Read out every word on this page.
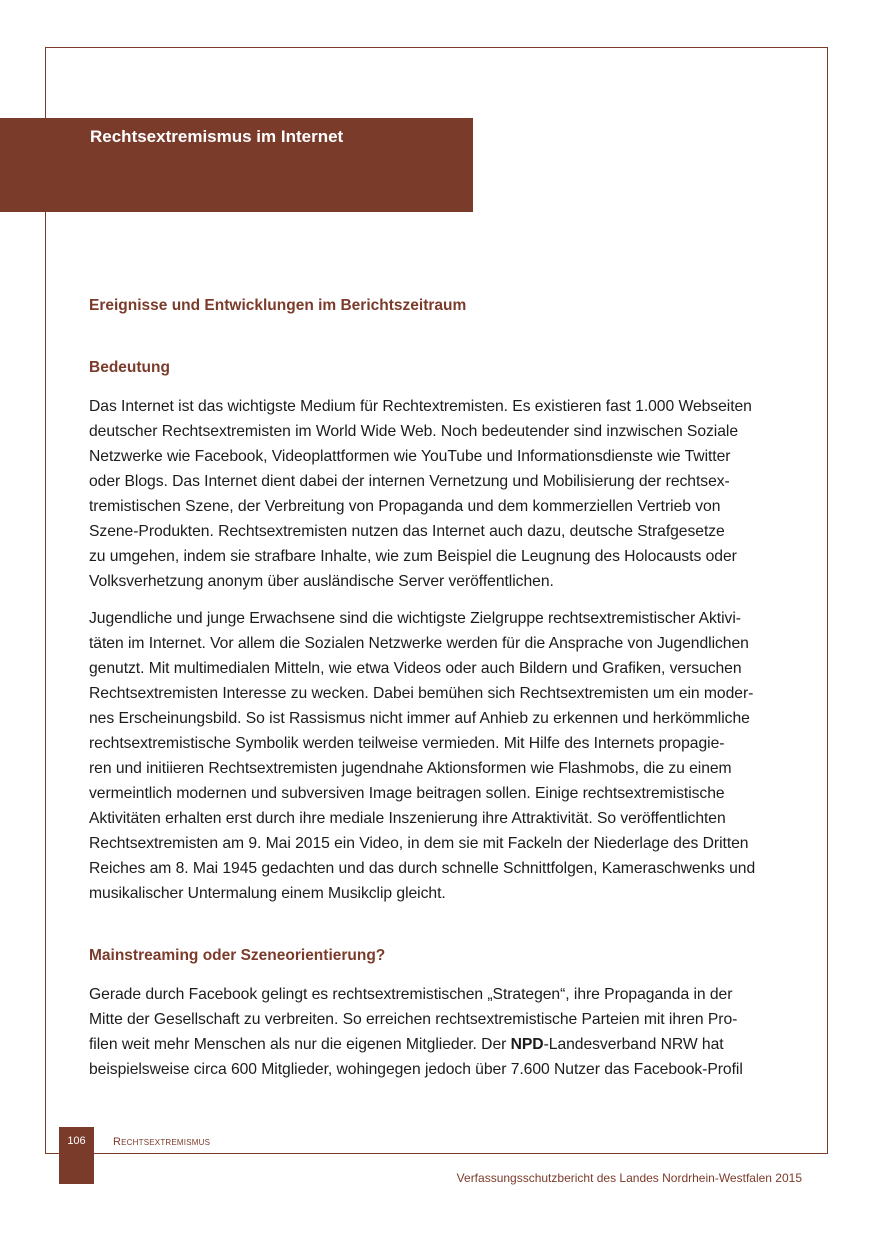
Rechtsextremismus im Internet
Ereignisse und Entwicklungen im Berichtszeitraum
Bedeutung

Das Internet ist das wichtigste Medium für Rechtextremisten. Es existieren fast 1.000 Webseiten
deutscher Rechtsextremisten im World Wide Web. Noch bedeutender sind inzwischen Soziale
Netzwerke wie Facebook, Videoplattformen wie YouTube und Informationsdienste wie Twitter
oder Blogs. Das Internet dient dabei der internen Vernetzung und Mobilisierung der rechtsex-
tremistischen Szene, der Verbreitung von Propaganda und dem kommerziellen Vertrieb von
Szene-Produkten. Rechtsextremisten nutzen das Internet auch dazu, deutsche Strafgesetze
zu umgehen, indem sie strafbare Inhalte, wie zum Beispiel die Leugnung des Holocausts oder
Volksverhetzung anonym über ausländische Server veröffentlichen.

Jugendliche und junge Erwachsene sind die wichtigste Zielgruppe rechtsextremistischer Aktivi-
täten im Internet. Vor allem die Sozialen Netzwerke werden für die Ansprache von Jugendlichen
genutzt. Mit multimedialen Mitteln, wie etwa Videos oder auch Bildern und Grafiken, versuchen
Rechtsextremisten Interesse zu wecken. Dabei bemühen sich Rechtsextremisten um ein moder-
nes Erscheinungsbild. So ist Rassismus nicht immer auf Anhieb zu erkennen und herkömmliche
rechtsextremistische Symbolik werden teilweise vermieden. Mit Hilfe des Internets propagie-
ren und initiieren Rechtsextremisten jugendnahe Aktionsformen wie Flashmobs, die zu einem
vermeintlich modernen und subversiven Image beitragen sollen. Einige rechtsextremistische
Aktivitäten erhalten erst durch ihre mediale Inszenierung ihre Attraktivität. So veröffentlichten
Rechtsextremisten am 9. Mai 2015 ein Video, in dem sie mit Fackeln der Niederlage des Dritten
Reiches am 8. Mai 1945 gedachten und das durch schnelle Schnittfolgen, Kameraschwenks und
musikalischer Untermalung einem Musikclip gleicht.

Mainstreaming oder Szeneorientierung?

Gerade durch Facebook gelingt es rechtsextremistischen „Strategen“, ihre Propaganda in der
Mitte der Gesellschaft zu verbreiten. So erreichen rechtsextremistische Parteien mit ihren Pro-
filen weit mehr Menschen als nur die eigenen Mitglieder. Der NPD-Landesverband NRW hat
beispielsweise circa 600 Mitglieder, wohingegen jedoch über 7.600 Nutzer das Facebook-Profil

106	Rechtsextremismus
Verfassungsschutzbericht des Landes Nordrhein-Westfalen 2015
